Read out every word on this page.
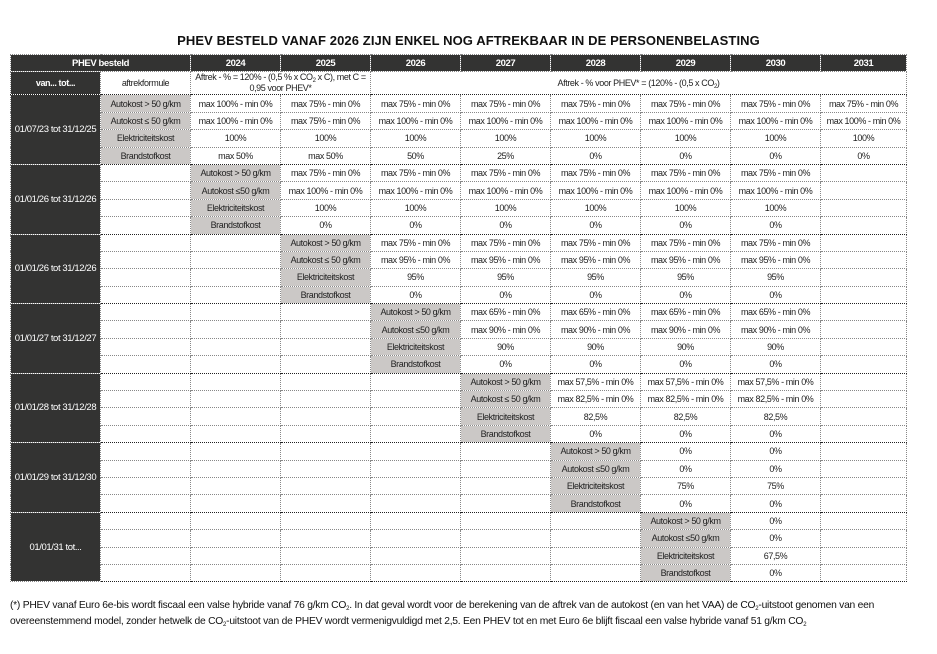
PHEV BESTELD VANAF 2026 ZIJN ENKEL NOG AFTREKBAAR IN DE PERSONENBELASTING
PHEV besteld		2024	2025	2026	2027	2028	2029	2030	2031
van... tot...	aftrekformule	Aftrek - % = 120% - (0,5 % x $CO_2$ x C), met C = 0,95 voor PHEV*		Aftrek - % voor PHEV* = (120% - (0,5 x $CO_2$)					
01/07/23 tot 31/12/25	Autokost > 50 g/km	max 100% - min 0%	max 75% - min 0%	max 75% - min 0%	max 75% - min 0%	max 75% - min 0%	max 75% - min 0%	max 75% - min 0%	max 75% - min 0%
	Autokost ≤ 50 g/km	max 100% - min 0%	max 75% - min 0%	max 100% - min 0%	max 100% - min 0%	max 100% - min 0%	max 100% - min 0%	max 100% - min 0%	max 100% - min 0%
	Elektriciteitskost	100%	100%	100%	100%	100%	100%	100%	100%
	Brandstofkost	max 50%	max 50%	50%	25%	0%	0%	0%	0%
01/01/26 tot 31/12/26		Autokost > 50 g/km	max 75% - min 0%	max 75% - min 0%	max 75% - min 0%	max 75% - min 0%	max 75% - min 0%	max 75% - min 0%	
		Autokost ≤50 g/km	max 100% - min 0%	max 100% - min 0%	max 100% - min 0%	max 100% - min 0%	max 100% - min 0%	max 100% - min 0%	
		Elektriciteitskost	100%	100%	100%	100%	100%	100%	
		Brandstofkost	0%	0%	0%	0%	0%	0%	
01/01/26 tot 31/12/26			Autokost > 50 g/km	max 75% - min 0%	max 75% - min 0%	max 75% - min 0%	max 75% - min 0%	max 75% - min 0%	
			Autokost ≤ 50 g/km	max 95% - min 0%	max 95% - min 0%	max 95% - min 0%	max 95% - min 0%	max 95% - min 0%	
			Elektriciteitskost	95%	95%	95%	95%	95%	
			Brandstofkost	0%	0%	0%	0%	0%	
01/01/27 tot 31/12/27				Autokost > 50 g/km	max 65% - min 0%	max 65% - min 0%	max 65% - min 0%	max 65% - min 0%	
				Autokost ≤50 g/km	max 90% - min 0%	max 90% - min 0%	max 90% - min 0%	max 90% - min 0%	
				Elektriciteitskost	90%	90%	90%	90%	
				Brandstofkost	0%	0%	0%	0%	
01/01/28 tot 31/12/28					Autokost > 50 g/km	max 57,5% - min 0%	max 57,5% - min 0%	max 57,5% - min 0%	
					Autokost ≤ 50 g/km	max 82,5% - min 0%	max 82,5% - min 0%	max 82,5% - min 0%	
					Elektriciteitskost	82,5%	82,5%	82,5%	
					Brandstofkost	0%	0%	0%	
01/01/29 tot 31/12/30						Autokost > 50 g/km	0%	0%	
						Autokost ≤50 g/km	0%	0%	
						Elektriciteitskost	75%	75%	
						Brandstofkost	0%	0%	
01/01/31 tot...							Autokost > 50 g/km	0%	
							Autokost ≤50 g/km	0%	
							Elektriciteitskost	67,5%	
							Brandstofkost	0%	
(*) PHEV vanaf Euro 6e-bis wordt fiscaal een valse hybride vanaf 76 g/km $CO_2$. In dat geval wordt voor de berekening van de aftrek van de autokost (en van het VAA) de $CO_2$-uitstoot genomen van een overeenstemmend model, zonder hetwelk de $CO_2$-uitstoot van de PHEV wordt vermenigvuldigd met 2,5. Een PHEV tot en met Euro 6e blijft fiscaal een valse hybride vanaf 51 g/km $CO_2$
